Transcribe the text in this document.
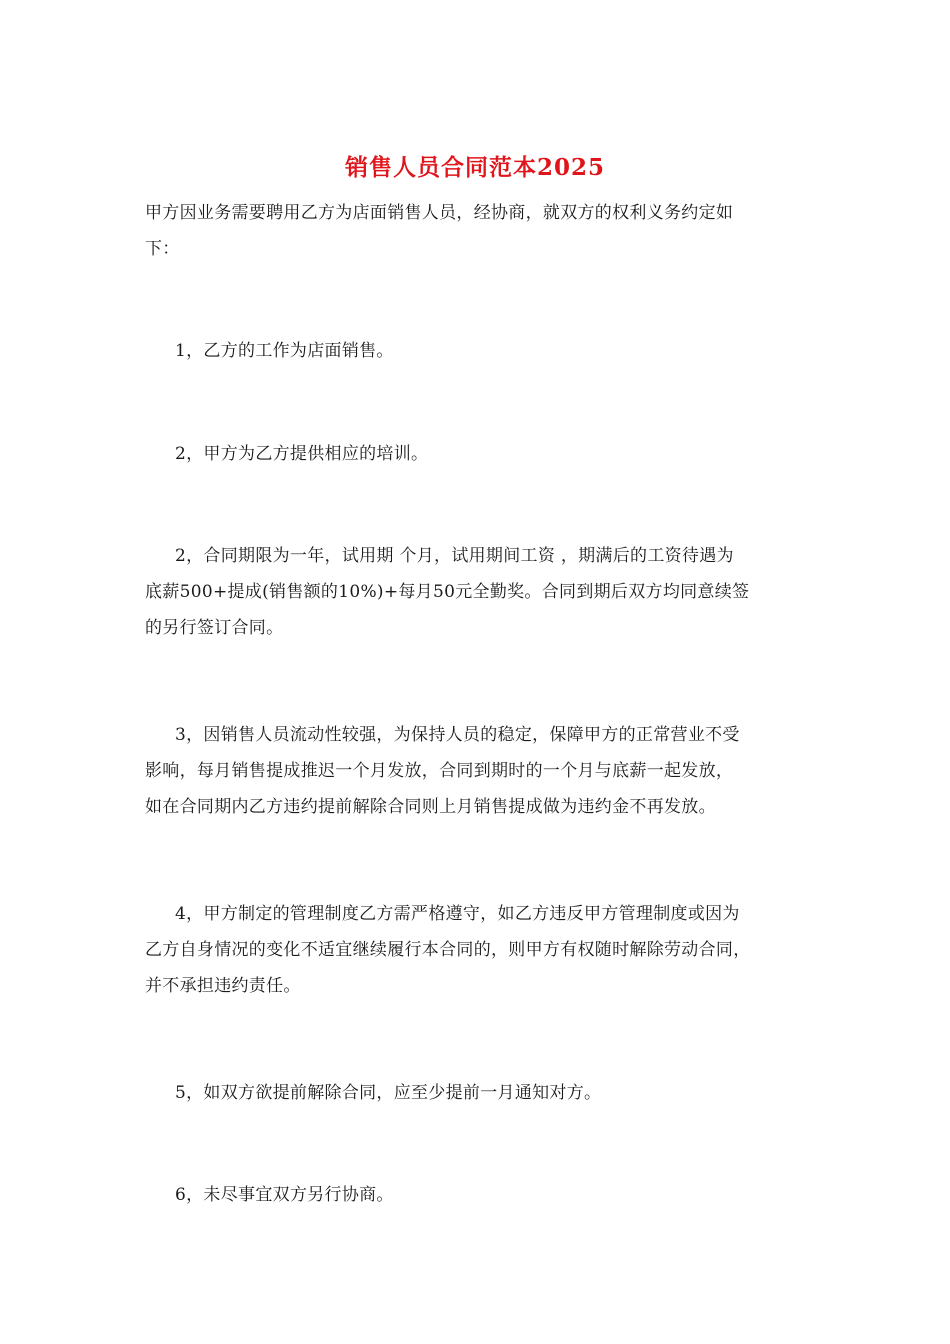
销售人员合同范本2025

甲方因业务需要聘用乙方为店面销售人员，经协商，就双方的权利义务约定如
下：

1，乙方的工作为店面销售。

2，甲方为乙方提供相应的培训。

2，合同期限为一年，试用期 个月，试用期间工资 ，期满后的工资待遇为
底薪500+提成(销售额的10%)+每月50元全勤奖。合同到期后双方均同意续签
的另行签订合同。

3，因销售人员流动性较强，为保持人员的稳定，保障甲方的正常营业不受
影响，每月销售提成推迟一个月发放，合同到期时的一个月与底薪一起发放，
如在合同期内乙方违约提前解除合同则上月销售提成做为违约金不再发放。

4，甲方制定的管理制度乙方需严格遵守，如乙方违反甲方管理制度或因为
乙方自身情况的变化不适宜继续履行本合同的，则甲方有权随时解除劳动合同，
并不承担违约责任。

5，如双方欲提前解除合同，应至少提前一月通知对方。

6，未尽事宜双方另行协商。
